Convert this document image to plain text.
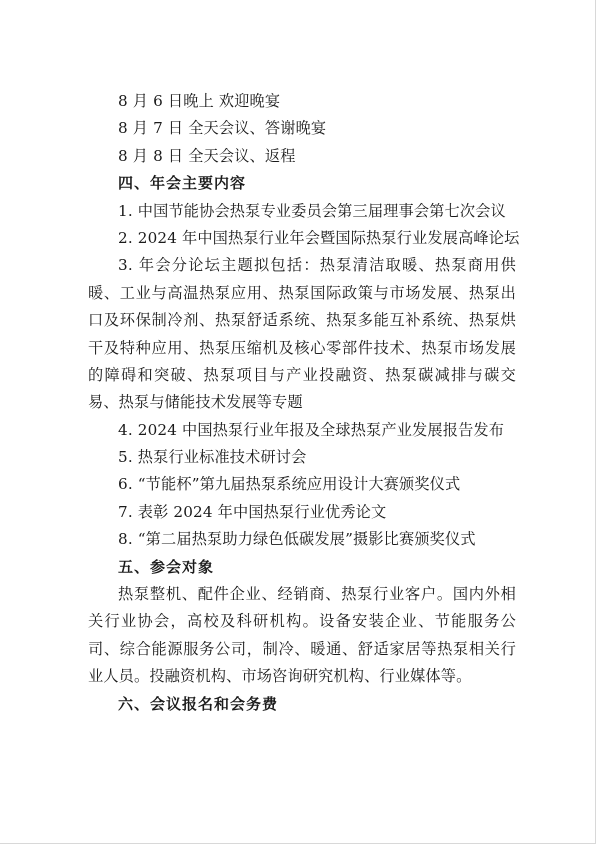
8 月 6 日晚上 欢迎晚宴
8 月 7 日 全天会议、答谢晚宴
8 月 8 日 全天会议、返程
四、年会主要内容
1. 中国节能协会热泵专业委员会第三届理事会第七次会议
2. 2024 年中国热泵行业年会暨国际热泵行业发展高峰论坛
3. 年会分论坛主题拟包括：热泵清洁取暖、热泵商用供
暖、工业与高温热泵应用、热泵国际政策与市场发展、热泵出
口及环保制冷剂、热泵舒适系统、热泵多能互补系统、热泵烘
干及特种应用、热泵压缩机及核心零部件技术、热泵市场发展
的障碍和突破、热泵项目与产业投融资、热泵碳减排与碳交
易、热泵与储能技术发展等专题
4. 2024 中国热泵行业年报及全球热泵产业发展报告发布
5. 热泵行业标准技术研讨会
6. “节能杯”第九届热泵系统应用设计大赛颁奖仪式
7. 表彰 2024 年中国热泵行业优秀论文
8. “第二届热泵助力绿色低碳发展”摄影比赛颁奖仪式
五、参会对象
热泵整机、配件企业、经销商、热泵行业客户。国内外相
关行业协会，高校及科研机构。设备安装企业、节能服务公
司、综合能源服务公司，制冷、暖通、舒适家居等热泵相关行
业人员。投融资机构、市场咨询研究机构、行业媒体等。
六、会议报名和会务费
